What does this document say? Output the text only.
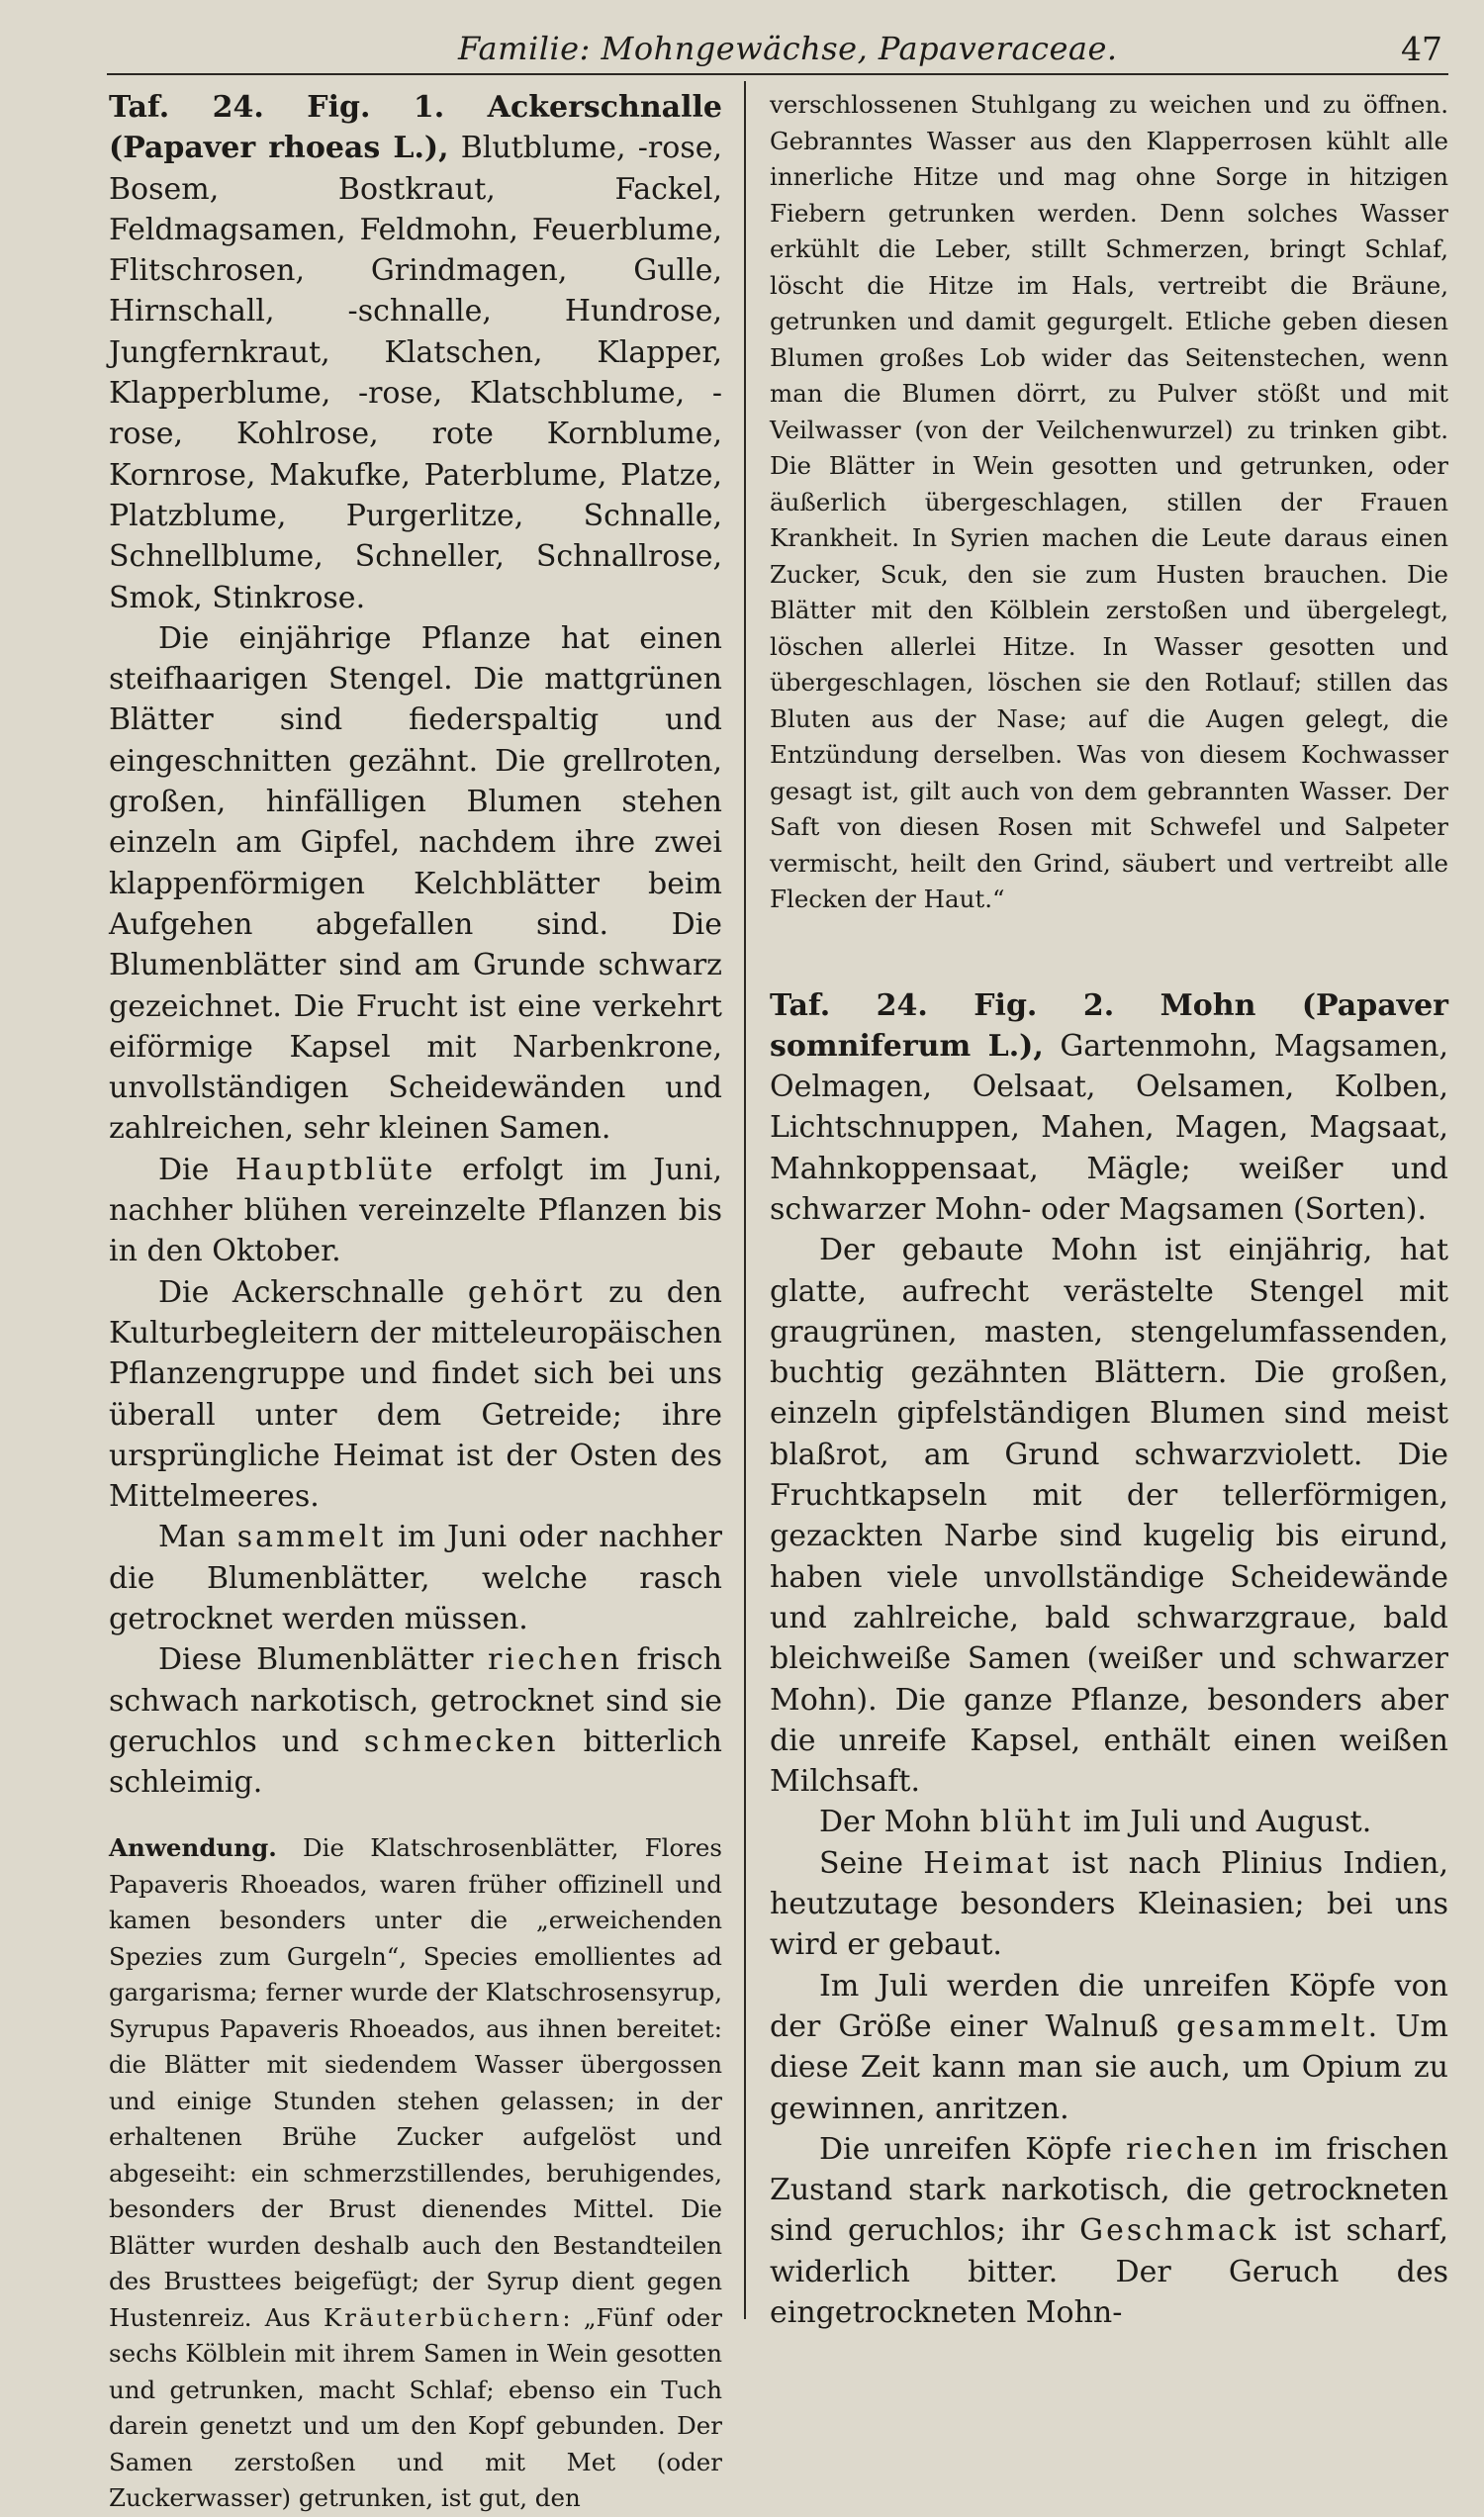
Familie: Mohngewächse, Papaveraceae.	47

Taf. 24. Fig. 1. Ackerschnalle (Papaver rhoeas L.), Blutblume, -rose, Bosem, Bostkraut, Fackel, Feldmagsamen, Feldmohn, Feuerblume, Flitschrosen, Grindmagen, Gulle, Hirnschall, -schnalle, Hundrose, Jungfernkraut, Klatschen, Klapper, Klapperblume, -rose, Klatschblume, -rose, Kohlrose, rote Kornblume, Kornrose, Makufke, Paterblume, Platze, Platzblume, Purgerlitze, Schnalle, Schnellblume, Schneller, Schnallrose, Smok, Stinkrose.

Die einjährige Pflanze hat einen steifhaarigen Stengel. Die mattgrünen Blätter sind fiederspaltig und eingeschnitten gezähnt. Die grellroten, großen, hinfälligen Blumen stehen einzeln am Gipfel, nachdem ihre zwei klappenförmigen Kelchblätter beim Aufgehen abgefallen sind. Die Blumenblätter sind am Grunde schwarz gezeichnet. Die Frucht ist eine verkehrt eiförmige Kapsel mit Narbenkrone, unvollständigen Scheidewänden und zahlreichen, sehr kleinen Samen.

Die Hauptblüte erfolgt im Juni, nachher blühen vereinzelte Pflanzen bis in den Oktober.

Die Ackerschnalle gehört zu den Kulturbegleitern der mitteleuropäischen Pflanzengruppe und findet sich bei uns überall unter dem Getreide; ihre ursprüngliche Heimat ist der Osten des Mittelmeeres.

Man sammelt im Juni oder nachher die Blumenblätter, welche rasch getrocknet werden müssen.

Diese Blumenblätter riechen frisch schwach narkotisch, getrocknet sind sie geruchlos und schmecken bitterlich schleimig.

Anwendung. Die Klatschrosenblätter, Flores Papaveris Rhoeados, waren früher offizinell und kamen besonders unter die „erweichenden Spezies zum Gurgeln“, Species emollientes ad gargarisma; ferner wurde der Klatschrosensyrup, Syrupus Papaveris Rhoeados, aus ihnen bereitet: die Blätter mit siedendem Wasser übergossen und einige Stunden stehen gelassen; in der erhaltenen Brühe Zucker aufgelöst und abgeseiht: ein schmerzstillendes, beruhigendes, besonders der Brust dienendes Mittel. Die Blätter wurden deshalb auch den Bestandteilen des Brusttees beigefügt; der Syrup dient gegen Hustenreiz. Aus Kräuterbüchern: „Fünf oder sechs Kölblein mit ihrem Samen in Wein gesotten und getrunken, macht Schlaf; ebenso ein Tuch darein genetzt und um den Kopf gebunden. Der Samen zerstoßen und mit Met (oder Zuckerwasser) getrunken, ist gut, den

verschlossenen Stuhlgang zu weichen und zu öffnen. Gebranntes Wasser aus den Klapperrosen kühlt alle innerliche Hitze und mag ohne Sorge in hitzigen Fiebern getrunken werden. Denn solches Wasser erkühlt die Leber, stillt Schmerzen, bringt Schlaf, löscht die Hitze im Hals, vertreibt die Bräune, getrunken und damit gegurgelt. Etliche geben diesen Blumen großes Lob wider das Seitenstechen, wenn man die Blumen dörrt, zu Pulver stößt und mit Veilwasser (von der Veilchenwurzel) zu trinken gibt. Die Blätter in Wein gesotten und getrunken, oder äußerlich übergeschlagen, stillen der Frauen Krankheit. In Syrien machen die Leute daraus einen Zucker, Scuk, den sie zum Husten brauchen. Die Blätter mit den Kölblein zerstoßen und übergelegt, löschen allerlei Hitze. In Wasser gesotten und übergeschlagen, löschen sie den Rotlauf; stillen das Bluten aus der Nase; auf die Augen gelegt, die Entzündung derselben. Was von diesem Kochwasser gesagt ist, gilt auch von dem gebrannten Wasser. Der Saft von diesen Rosen mit Schwefel und Salpeter vermischt, heilt den Grind, säubert und vertreibt alle Flecken der Haut.“

Taf. 24. Fig. 2. Mohn (Papaver somniferum L.), Gartenmohn, Magsamen, Oelmagen, Oelsaat, Oelsamen, Kolben, Lichtschnuppen, Mahen, Magen, Magsaat, Mahnkoppensaat, Mägle; weißer und schwarzer Mohn- oder Magsamen (Sorten).

Der gebaute Mohn ist einjährig, hat glatte, aufrecht verästelte Stengel mit graugrünen, masten, stengelumfassenden, buchtig gezähnten Blättern. Die großen, einzeln gipfelständigen Blumen sind meist blaßrot, am Grund schwarzviolett. Die Fruchtkapseln mit der tellerförmigen, gezackten Narbe sind kugelig bis eirund, haben viele unvollständige Scheidewände und zahlreiche, bald schwarzgraue, bald bleichweiße Samen (weißer und schwarzer Mohn). Die ganze Pflanze, besonders aber die unreife Kapsel, enthält einen weißen Milchsaft.

Der Mohn blüht im Juli und August.

Seine Heimat ist nach Plinius Indien, heutzutage besonders Kleinasien; bei uns wird er gebaut.

Im Juli werden die unreifen Köpfe von der Größe einer Walnuß gesammelt. Um diese Zeit kann man sie auch, um Opium zu gewinnen, anritzen.

Die unreifen Köpfe riechen im frischen Zustand stark narkotisch, die getrockneten sind geruchlos; ihr Geschmack ist scharf, widerlich bitter. Der Geruch des eingetrockneten Mohn-
